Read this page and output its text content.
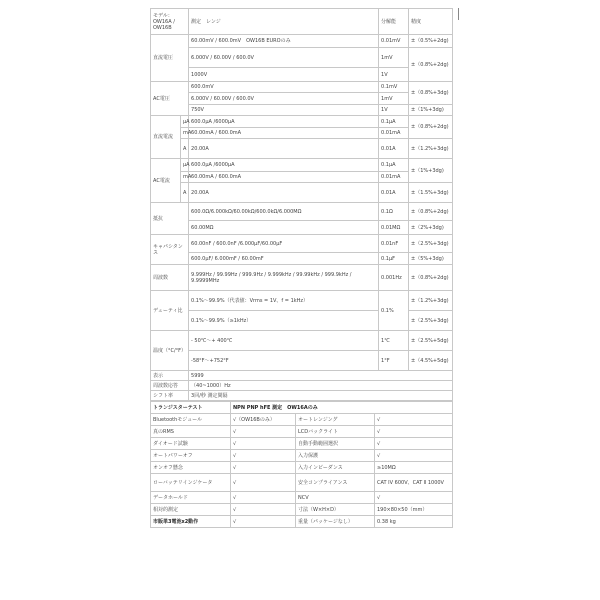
モデル：OW16A / OW16B		測定　レンジ	分解能	精度
直流電圧		60.00mV / 600.0mV　OW16B EUROのみ	0.01mV	±（0.5%+2dg)
		6.000V / 60.00V / 600.0V	1mV	±（0.8%+2dg)
		1000V	1V	
AC電圧		600.0mV	0.1mV	±（0.8%+3dg)
		6.000V / 60.00V / 600.0V	1mV	
		750V	1V	±（1%+3dg)
直流電流	µA	600.0µA /6000µA	0.1µA	±（0.8%+2dg)
	mA	60.00mA / 600.0mA	0.01mA	
	A	20.00A	0.01A	±（1.2%+3dg)
AC電流	µA	600.0µA /6000µA	0.1µA	±（1%+3dg)
	mA	60.00mA / 600.0mA	0.01mA	
	A	20.00A	0.01A	±（1.5%+3dg)
抵抗		600.0Ω/6.000kΩ/60.00kΩ/600.0kΩ/6.000MΩ	0.1Ω	±（0.8%+2dg)
		60.00MΩ	0.01MΩ	±（2%+3dg)
キャパシタンス		60.00nF / 600.0nF /6.000µF/60.00µF	0.01nF	±（2.5%+3dg)
		600.0µF/ 6.000mF / 60.00mF	0.1µF	±（5%+3dg)
周波数		9.999Hz / 99.99Hz / 999.9Hz / 9.999kHz / 99.99kHz / 999.9kHz / 9.9999MHz	0.001Hz	±（0.8%+2dg)
デューティ比		0.1%〜99.9%（代表値：Vrms = 1V、f = 1kHz）	0.1%	±（1.2%+3dg)
		0.1%〜99.9%（≥1kHz）		±（2.5%+3dg)
温度（°C/°F）		- 50℃〜+ 400℃	1℃	±（2.5%+5dg)
		-58°F〜+752°F	1°F	±（4.5%+5dg)
表示		5999		
周波数応答		（40~1000）Hz		
シフト率		3回/秒 測定間隔		
トランジスターテスト	NPN PNP hFE 測定　OW16Aのみ		
Bluetoothモジュール	√（OW16Bのみ）	オートレンジング	√
真のRMS	√	LCDバックライト	√
ダイオード試験	√	自動手動範囲選択	√
オートパワーオフ	√	入力保護	√
オンオフ懸念	√	入力インピーダンス	≥10MΩ
ローバッテリインジケータ	√	安全コンプライアンス	CAT IV 600V、CAT Ⅱ 1000V
データホールド	√	NCV	√
相対的測定	√	寸法（W×H×D）	190×80×50（mm）
市販単3電池x2動作	√	重量（パッケージなし）	0.38 kg
